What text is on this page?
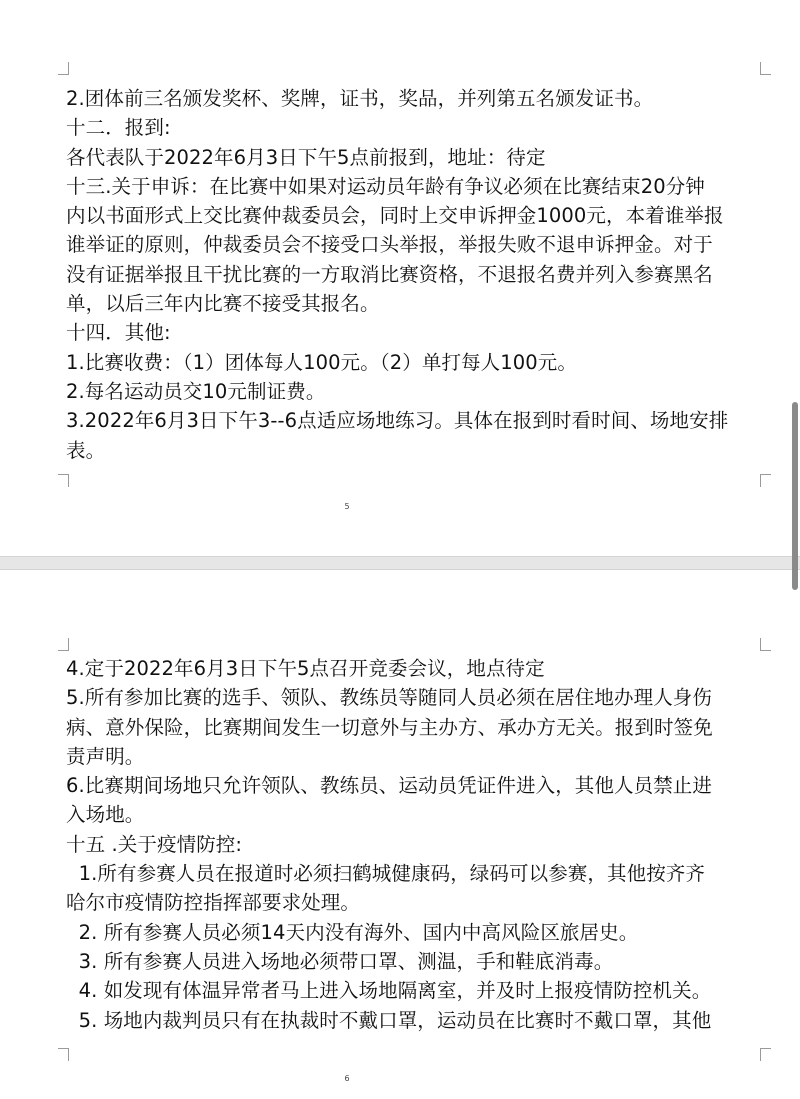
2.团体前三名颁发奖杯、奖牌，证书，奖品，并列第五名颁发证书。

十二．报到:

各代表队于2022年6月3日下午5点前报到，地址：待定

十三.关于申诉：在比赛中如果对运动员年龄有争议必须在比赛结束20分钟

内以书面形式上交比赛仲裁委员会，同时上交申诉押金1000元，本着谁举报

谁举证的原则，仲裁委员会不接受口头举报，举报失败不退申诉押金。对于

没有证据举报且干扰比赛的一方取消比赛资格，不退报名费并列入参赛黑名

单，以后三年内比赛不接受其报名。

十四．其他:

1.比赛收费：（1）团体每人100元。（2）单打每人100元。

2.每名运动员交10元制证费。

3.2022年6月3日下午3--6点适应场地练习。具体在报到时看时间、场地安排

表。

5

4.定于2022年6月3日下午5点召开竞委会议，地点待定

5.所有参加比赛的选手、领队、教练员等随同人员必须在居住地办理人身伤

病、意外保险，比赛期间发生一切意外与主办方、承办方无关。报到时签免

责声明。

6.比赛期间场地只允许领队、教练员、运动员凭证件进入，其他人员禁止进

入场地。

十五 .关于疫情防控:

1.所有参赛人员在报道时必须扫鹤城健康码，绿码可以参赛，其他按齐齐

哈尔市疫情防控指挥部要求处理。

2. 所有参赛人员必须14天内没有海外、国内中高风险区旅居史。

3. 所有参赛人员进入场地必须带口罩、测温，手和鞋底消毒。

4. 如发现有体温异常者马上进入场地隔离室，并及时上报疫情防控机关。

5. 场地内裁判员只有在执裁时不戴口罩，运动员在比赛时不戴口罩，其他

6
